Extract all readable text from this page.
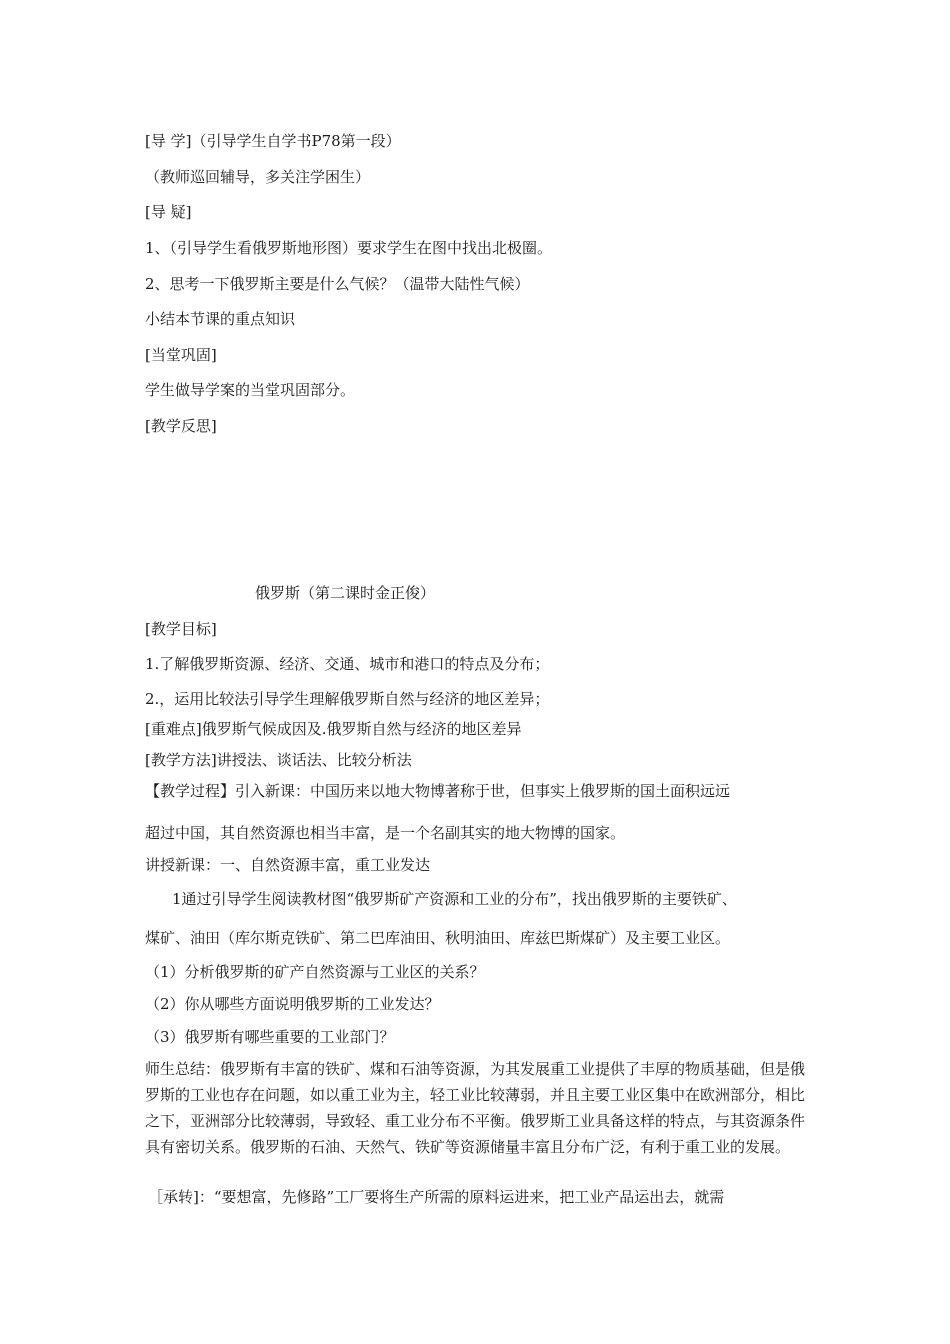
[导 学]（引导学生自学书P78第一段）
（教师巡回辅导，多关注学困生）
[导 疑]
1、（引导学生看俄罗斯地形图）要求学生在图中找出北极圈。
2、思考一下俄罗斯主要是什么气候？（温带大陆性气候）
小结本节课的重点知识
[当堂巩固]
学生做导学案的当堂巩固部分。
[教学反思]
俄罗斯（第二课时金正俊）
[教学目标]
1.了解俄罗斯资源、经济、交通、城市和港口的特点及分布；
2.，运用比较法引导学生理解俄罗斯自然与经济的地区差异；
[重难点]俄罗斯气候成因及.俄罗斯自然与经济的地区差异
[教学方法]讲授法、谈话法、比较分析法
【教学过程】引入新课：中国历来以地大物博著称于世，但事实上俄罗斯的国土面积远远
超过中国，其自然资源也相当丰富，是一个名副其实的地大物博的国家。
讲授新课：一、自然资源丰富，重工业发达
1通过引导学生阅读教材图“俄罗斯矿产资源和工业的分布”，找出俄罗斯的主要铁矿、
煤矿、油田（库尔斯克铁矿、第二巴库油田、秋明油田、库兹巴斯煤矿）及主要工业区。
（1）分析俄罗斯的矿产自然资源与工业区的关系？
（2）你从哪些方面说明俄罗斯的工业发达？
（3）俄罗斯有哪些重要的工业部门？
师生总结：俄罗斯有丰富的铁矿、煤和石油等资源，为其发展重工业提供了丰厚的物质基础，但是俄罗斯的工业也存在问题，如以重工业为主，轻工业比较薄弱，并且主要工业区集中在欧洲部分，相比之下，亚洲部分比较薄弱，导致轻、重工业分布不平衡。俄罗斯工业具备这样的特点，与其资源条件具有密切关系。俄罗斯的石油、天然气、铁矿等资源储量丰富且分布广泛，有利于重工业的发展。
［承转]：“要想富，先修路”工厂要将生产所需的原料运进来，把工业产品运出去，就需
